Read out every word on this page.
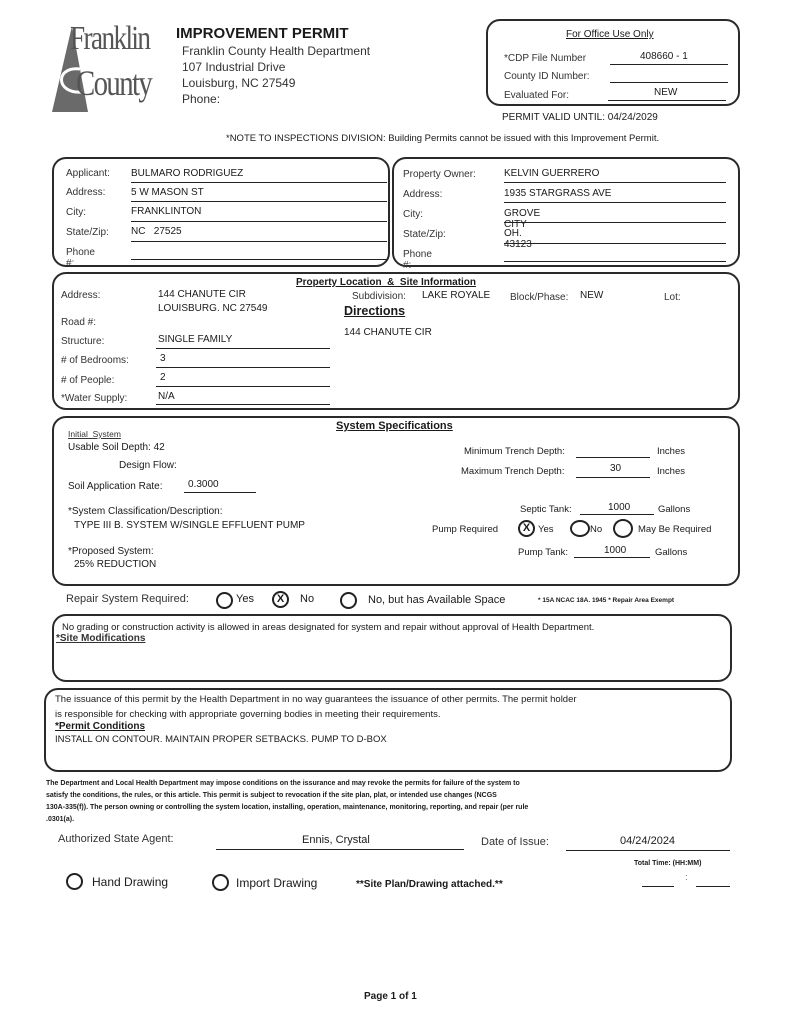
Franklin
County
IMPROVEMENT PERMIT
Franklin County Health Department
107 Industrial Drive
Louisburg, NC 27549
Phone:
For Office Use Only
*CDP File Number	408660 - 1
County ID Number:
Evaluated For:	NEW
PERMIT VALID UNTIL: 04/24/2029
*NOTE TO INSPECTIONS DIVISION: Building Permits cannot be issued with this Improvement Permit.
Applicant: BULMARO RODRIGUEZ
Address:	5 W MASON ST
City:	FRANKLINTON
State/Zip: NC   27525
Phone #:
Property Owner:	KELVIN GUERRERO
Address:	1935 STARGRASS AVE
City:	GROVE CITY
State/Zip:	OH. 43123
Phone #:
Property Location  &  Site Information
Address:	144 CHANUTE CIR
LOUISBURG. NC 27549
Road #:
Structure:	SINGLE FAMILY
# of Bedrooms:	3
# of People:	2
*Water Supply:	N/A
Subdivision: LAKE ROYALE Block/Phase: NEW	Lot:
Directions
144 CHANUTE CIR
System Specifications
Initial  System
Usable Soil Depth: 42
Design Flow:
Soil Application Rate:	0.3000
*System Classification/Description:
TYPE III B. SYSTEM W/SINGLE EFFLUENT PUMP
*Proposed System:
25% REDUCTION
Minimum Trench Depth:	Inches
Maximum Trench Depth:	30	Inches
Septic Tank:	1000	Gallons
Pump Required	X Yes	No	May Be Required
Pump Tank:	1000	Gallons
Repair System Required:	Yes	X	No	No, but has Available Space	* 15A NCAC 18A. 1945 * Repair Area Exempt
No grading or construction activity is allowed in areas designated for system and repair without approval of Health Department.
*Site Modifications
The issuance of this permit by the Health Department in no way guarantees the issuance of other permits. The permit holder
is responsible for checking with appropriate governing bodies in meeting their requirements.
*Permit Conditions
INSTALL ON CONTOUR. MAINTAIN PROPER SETBACKS. PUMP TO D-BOX
The Department and Local Health Department may impose conditions on the issurance and may revoke the permits for failure of the system to
satisfy the conditions, the rules, or this article. This permit is subject to revocation if the site plan, plat, or intended use changes (NCGS
130A-335(f)). The person owning or controlling the system location, installing, operation, maintenance, monitoring, reporting, and repair (per rule
.0301(a).
Authorized State Agent:	Ennis, Crystal	Date of Issue:	04/24/2024
Total Time: (HH:MM)
Hand Drawing	Import Drawing	**Site Plan/Drawing attached.**
:
Page 1 of 1
